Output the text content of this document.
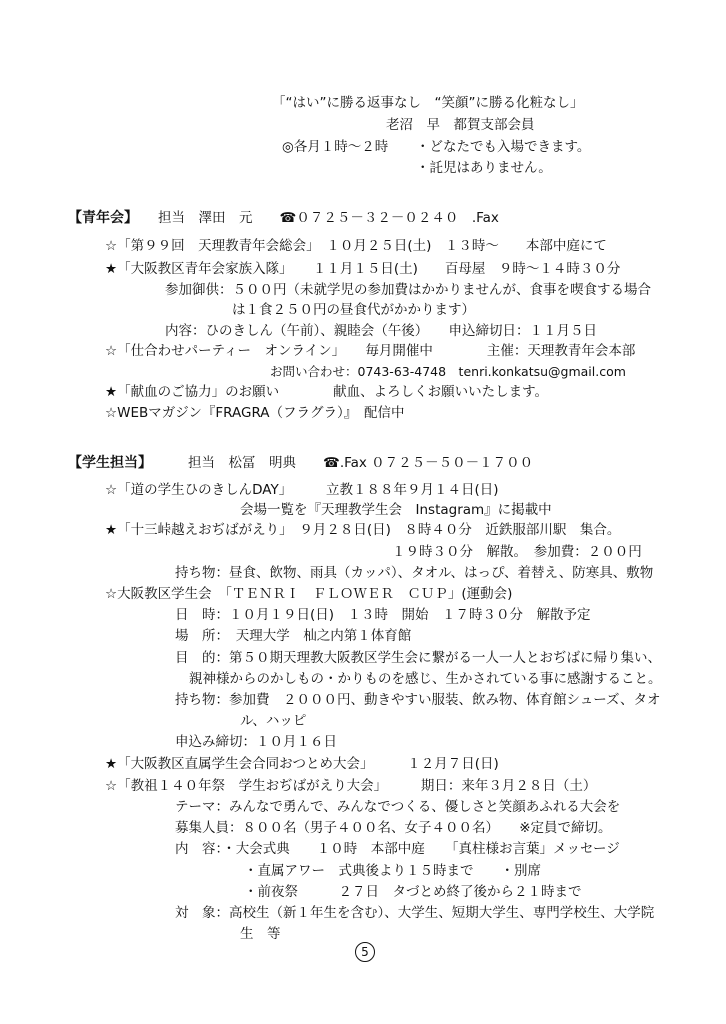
「“はい”に勝る返事なし　“笑顔”に勝る化粧なし」
老沼　早　都賀支部会員
◎各月１時～２時 ・どなたでも入場できます。
・託児はありません。
【青年会】 担当　澤田　元　　☎０７２５－３２－０２４０　.Fax
☆「第９９回　天理教青年会総会」　１０月２５日(土)　１３時～　　本部中庭にて
★「大阪教区青年会家族入隊」　　１１月１５日(土)　　百母屋　９時～１４時３０分
参加御供：５００円（未就学児の参加費はかかりませんが、食事を喫食する場合
は１食２５０円の昼食代がかかります）
内容：ひのきしん（午前）、親睦会（午後）　　申込締切日：１１月５日
☆「仕合わせパーティー　オンライン」　　毎月開催中　　　　主催：天理教青年会本部
お問い合わせ：0743-63-4748　tenri.konkatsu@gmail.com
★「献血のご協力」のお願い　　　　献血、よろしくお願いいたします。
☆WEBマガジン『FRAGRA（フラグラ）』　配信中
【学生担当】	担当　松冨　明典　　☎.Fax ０７２５－５０－１７００
☆「道の学生ひのきしんDAY」　　　立教１８８年９月１４日(日)
会場一覧を『天理教学生会　Instagram』に掲載中
★「十三峠越えおぢばがえり」　９月２８日(日)　８時４０分　近鉄服部川駅　集合。
１９時３０分　解散。　参加費：２００円
持ち物：昼食、飲物、雨具（カッパ）、タオル、はっぴ、着替え、防寒具、敷物
☆大阪教区学生会　「ＴＥＮＲＩ　ＦＬＯＷＥＲ　ＣＵＰ」(運動会)
日　時：１０月１９日(日)　１３時　開始　１７時３０分　解散予定
場　所：　天理大学　杣之内第１体育館
目　的：第５０期天理教大阪教区学生会に繋がる一人一人とおぢばに帰り集い、
親神様からのかしもの・かりものを感じ、生かされている事に感謝すること。
持ち物：参加費　２０００円、動きやすい服装、飲み物、体育館シューズ、タオ
ル、ハッピ
申込み締切：１０月１６日
★「大阪教区直属学生会合同おつとめ大会」　　　１２月７日(日)
☆「教祖１４０年祭　学生おぢばがえり大会」　　　期日：来年３月２８日（土）
テーマ：みんなで勇んで、みんなでつくる、優しさと笑顔あふれる大会を
募集人員：８００名（男子４００名、女子４００名）　　※定員で締切。
内　容：・大会式典　　１０時　本部中庭　　「真柱様お言葉」メッセージ
・直属アワー　式典後より１５時まで　　・別席
・前夜祭　　　２７日　タづとめ終了後から２１時まで
対　象：高校生（新１年生を含む）、大学生、短期大学生、専門学校生、大学院
生　等
5
